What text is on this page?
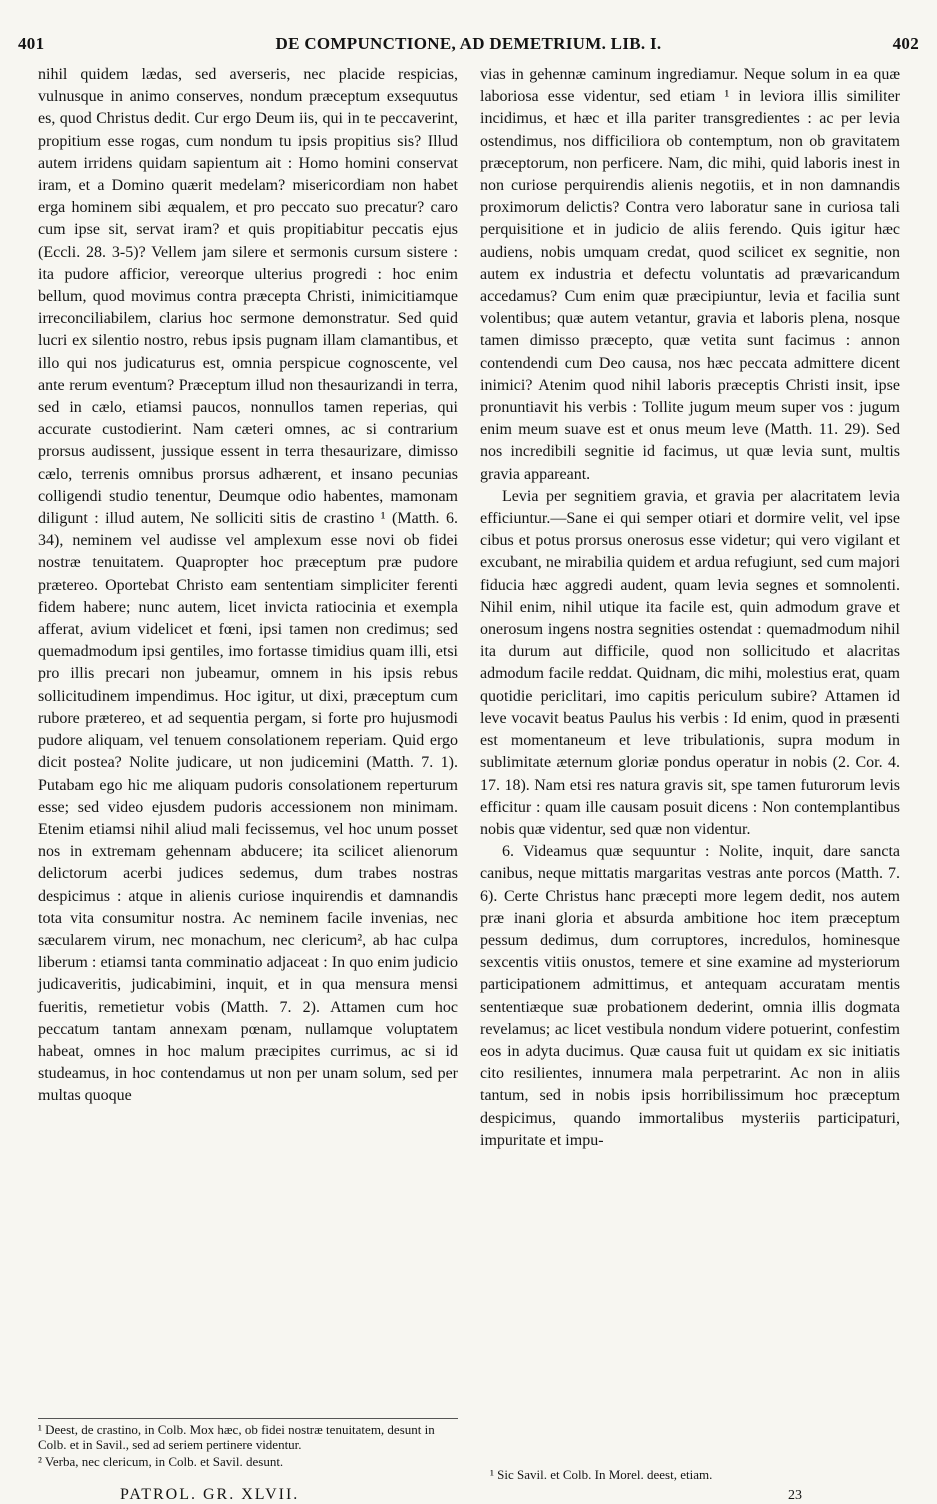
401	DE COMPUNCTIONE, AD DEMETRIUM. LIB. I.	402

nihil quidem lædas, sed averseris, nec placide respicias, vulnusque in animo conserves, nondum præceptum exsequutus es, quod Christus dedit. Cur ergo Deum iis, qui in te peccaverint, propitium esse rogas, cum nondum tu ipsis propitius sis? Illud autem irridens quidam sapientum ait : Homo homini conservat iram, et a Domino quærit medelam? misericordiam non habet erga hominem sibi æqualem, et pro peccato suo precatur? caro cum ipse sit, servat iram? et quis propitiabitur peccatis ejus (Eccli. 28. 3-5)? Vellem jam silere et sermonis cursum sistere : ita pudore afficior, vereorque ulterius progredi : hoc enim bellum, quod movimus contra præcepta Christi, inimicitiamque irreconciliabilem, clarius hoc sermone demonstratur. Sed quid lucri ex silentio nostro, rebus ipsis pugnam illam clamantibus, et illo qui nos judicaturus est, omnia perspicue cognoscente, vel ante rerum eventum? Præceptum illud non thesaurizandi in terra, sed in cælo, etiamsi paucos, nonnullos tamen reperias, qui accurate custodierint. Nam cæteri omnes, ac si contrarium prorsus audissent, jussique essent in terra thesaurizare, dimisso cælo, terrenis omnibus prorsus adhærent, et insano pecunias colligendi studio tenentur, Deumque odio habentes, mamonam diligunt : illud autem, Ne solliciti sitis de crastino ¹ (Matth. 6. 34), neminem vel audisse vel amplexum esse novi ob fidei nostræ tenuitatem. Quapropter hoc præceptum præ pudore prætereo. Oportebat Christo eam sententiam simpliciter ferenti fidem habere; nunc autem, licet invicta ratiocinia et exempla afferat, avium videlicet et fœni, ipsi tamen non credimus; sed quemadmodum ipsi gentiles, imo fortasse timidius quam illi, etsi pro illis precari non jubeamur, omnem in his ipsis rebus sollicitudinem impendimus. Hoc igitur, ut dixi, præceptum cum rubore prætereo, et ad sequentia pergam, si forte pro hujusmodi pudore aliquam, vel tenuem consolationem reperiam. Quid ergo dicit postea? Nolite judicare, ut non judicemini (Matth. 7. 1). Putabam ego hic me aliquam pudoris consolationem reperturum esse; sed video ejusdem pudoris accessionem non minimam. Etenim etiamsi nihil aliud mali fecissemus, vel hoc unum posset nos in extremam gehennam abducere; ita scilicet alienorum delictorum acerbi judices sedemus, dum trabes nostras despicimus : atque in alienis curiose inquirendis et damnandis tota vita consumitur nostra. Ac neminem facile invenias, nec sæcularem virum, nec monachum, nec clericum², ab hac culpa liberum : etiamsi tanta comminatio adjaceat : In quo enim judicio judicaveritis, judicabimini, inquit, et in qua mensura mensi fueritis, remetietur vobis (Matth. 7. 2). Attamen cum hoc peccatum tantam annexam pœnam, nullamque voluptatem habeat, omnes in hoc malum præcipites currimus, ac si id studeamus, in hoc contendamus ut non per unam solum, sed per multas quoque

vias in gehennæ caminum ingrediamur. Neque solum in ea quæ laboriosa esse videntur, sed etiam ¹ in leviora illis similiter incidimus, et hæc et illa pariter transgredientes : ac per levia ostendimus, nos difficiliora ob contemptum, non ob gravitatem præceptorum, non perficere. Nam, dic mihi, quid laboris inest in non curiose perquirendis alienis negotiis, et in non damnandis proximorum delictis? Contra vero laboratur sane in curiosa tali perquisitione et in judicio de aliis ferendo. Quis igitur hæc audiens, nobis umquam credat, quod scilicet ex segnitie, non autem ex industria et defectu voluntatis ad prævaricandum accedamus? Cum enim quæ præcipiuntur, levia et facilia sunt volentibus; quæ autem vetantur, gravia et laboris plena, nosque tamen dimisso præcepto, quæ vetita sunt facimus : annon contendendi cum Deo causa, nos hæc peccata admittere dicent inimici? Atenim quod nihil laboris præceptis Christi insit, ipse pronuntiavit his verbis : Tollite jugum meum super vos : jugum enim meum suave est et onus meum leve (Matth. 11. 29). Sed nos incredibili segnitie id facimus, ut quæ levia sunt, multis gravia appareant.

Levia per segnitiem gravia, et gravia per alacritatem levia efficiuntur.—Sane ei qui semper otiari et dormire velit, vel ipse cibus et potus prorsus onerosus esse videtur; qui vero vigilant et excubant, ne mirabilia quidem et ardua refugiunt, sed cum majori fiducia hæc aggredi audent, quam levia segnes et somnolenti. Nihil enim, nihil utique ita facile est, quin admodum grave et onerosum ingens nostra segnities ostendat : quemadmodum nihil ita durum aut difficile, quod non sollicitudo et alacritas admodum facile reddat. Quidnam, dic mihi, molestius erat, quam quotidie periclitari, imo capitis periculum subire? Attamen id leve vocavit beatus Paulus his verbis : Id enim, quod in præsenti est momentaneum et leve tribulationis, supra modum in sublimitate æternum gloriæ pondus operatur in nobis (2. Cor. 4. 17. 18). Nam etsi res natura gravis sit, spe tamen futurorum levis efficitur : quam ille causam posuit dicens : Non contemplantibus nobis quæ videntur, sed quæ non videntur.

6. Videamus quæ sequuntur : Nolite, inquit, dare sancta canibus, neque mittatis margaritas vestras ante porcos (Matth. 7. 6). Certe Christus hanc præcepti more legem dedit, nos autem præ inani gloria et absurda ambitione hoc item præceptum pessum dedimus, dum corruptores, incredulos, hominesque sexcentis vitiis onustos, temere et sine examine ad mysteriorum participationem admittimus, et antequam accuratam mentis sententiæque suæ probationem dederint, omnia illis dogmata revelamus; ac licet vestibula nondum videre potuerint, confestim eos in adyta ducimus. Quæ causa fuit ut quidam ex sic initiatis cito resilientes, innumera mala perpetrarint. Ac non in aliis tantum, sed in nobis ipsis horribilissimum hoc præceptum despicimus, quando immortalibus mysteriis participaturi, impuritate et impu-

¹ Deest, de crastino, in Colb. Mox hæc, ob fidei nostræ tenuitatem, desunt in Colb. et in Savil., sed ad seriem pertinere videntur.

² Verba, nec clericum, in Colb. et Savil. desunt.

¹ Sic Savil. et Colb. In Morel. deest, etiam.

PATROL. GR. XLVII.	23
